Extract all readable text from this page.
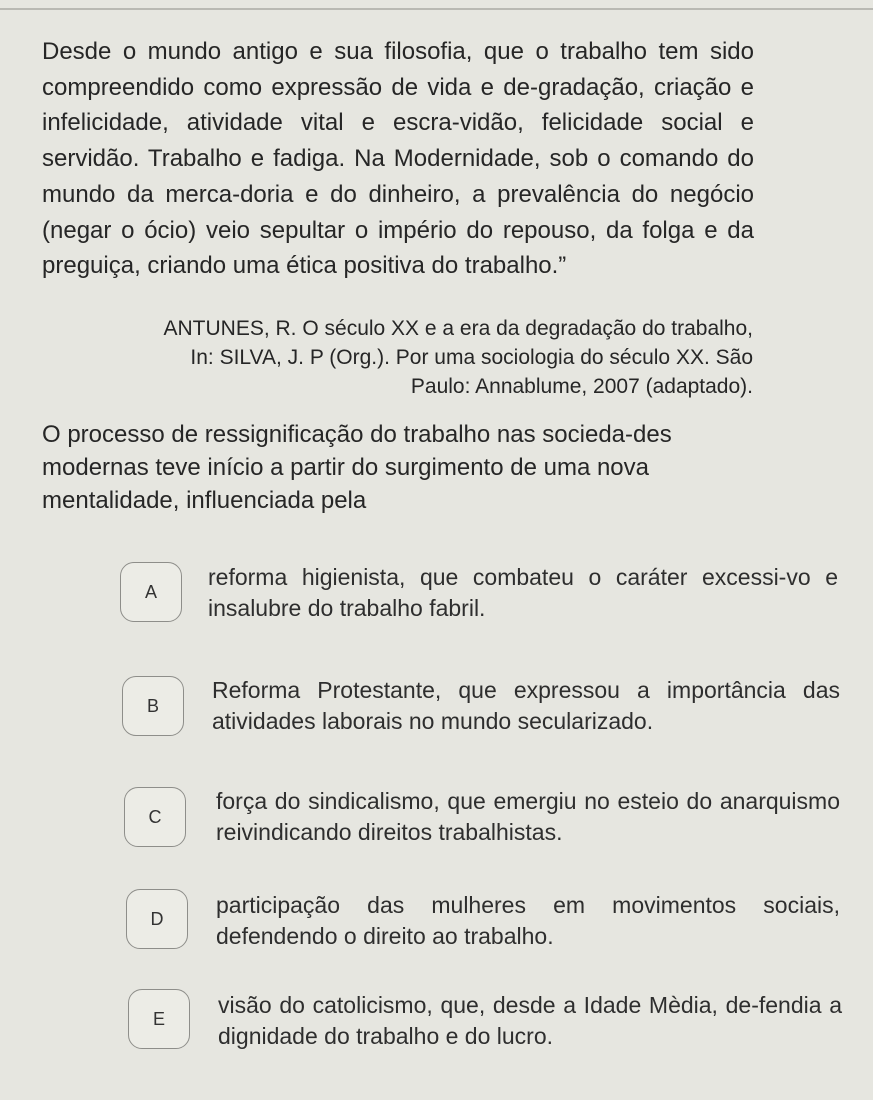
Desde o mundo antigo e sua filosofia, que o trabalho tem sido compreendido como expressão de vida e de-gradação, criação e infelicidade, atividade vital e escra-vidão, felicidade social e servidão. Trabalho e fadiga. Na Modernidade, sob o comando do mundo da merca-doria e do dinheiro, a prevalência do negócio (negar o ócio) veio sepultar o império do repouso, da folga e da preguiça, criando uma ética positiva do trabalho.”

ANTUNES, R. O século XX e a era da degradação do trabalho,
In: SILVA, J. P (Org.). Por uma sociologia do século XX. São
Paulo: Annablume, 2007 (adaptado).

O processo de ressignificação do trabalho nas socieda-des modernas teve início a partir do surgimento de uma nova mentalidade, influenciada pela

A

reforma higienista, que combateu o caráter excessi-vo e insalubre do trabalho fabril.

B

Reforma Protestante, que expressou a importância das atividades laborais no mundo secularizado.

C

força do sindicalismo, que emergiu no esteio do anarquismo reivindicando direitos trabalhistas.

D

participação das mulheres em movimentos sociais, defendendo o direito ao trabalho.

E

visão do catolicismo, que, desde a Idade Mèdia, de-fendia a dignidade do trabalho e do lucro.
